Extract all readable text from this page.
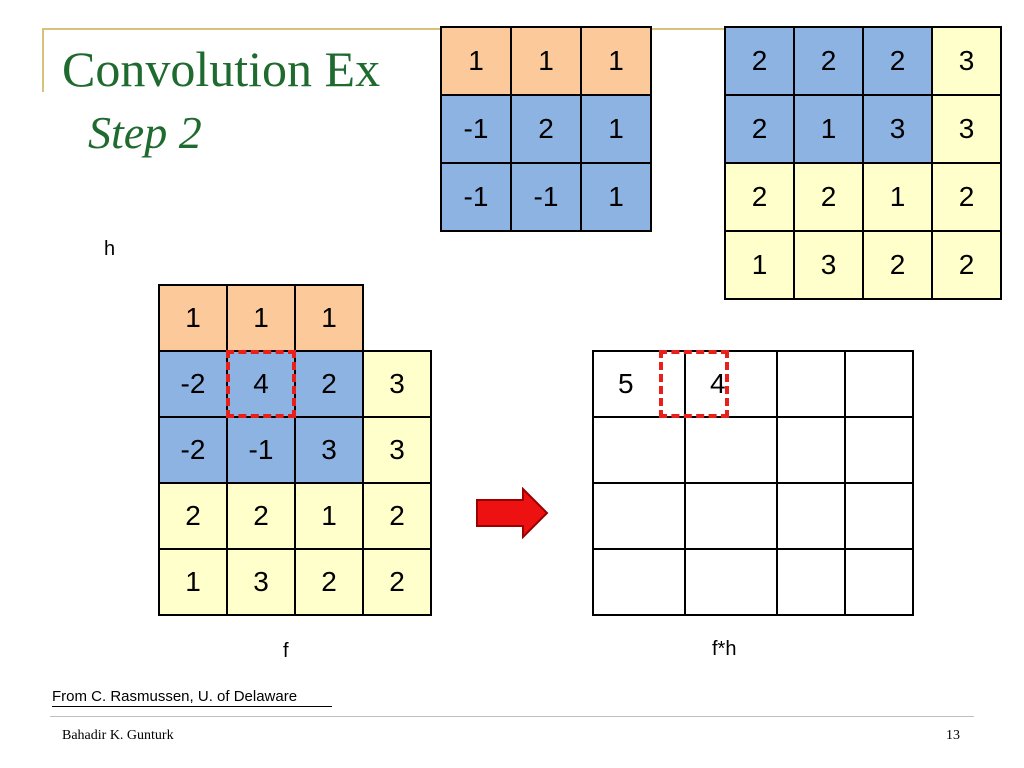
Convolution Ex
Step 2
1	1	1
-1	2	1
-1	-1	1
h
2	2	2	3
2	1	3	3
2	2	1	2
1	3	2	2
1	1	1
-2	4	2	3
-2	-1	3	3
2	2	1	2
1	3	2	2
f
5	4		

f*h
From C. Rasmussen, U. of Delaware
Bahadir K. Gunturk	13
